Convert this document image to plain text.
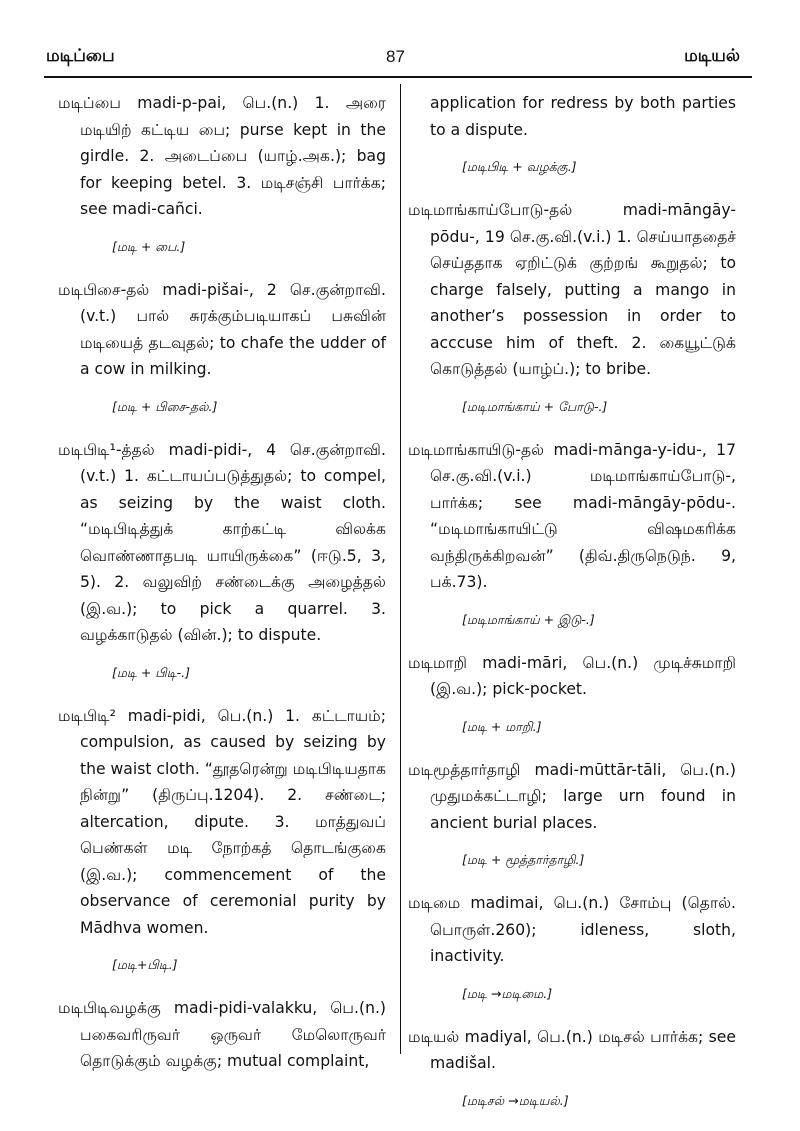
மடிப்பை	87	மடியல்

மடிப்பை madi-p-pai, பெ.(n.) 1. அரை மடியிற் கட்டிய பை; purse kept in the girdle. 2. அடைப்பை (யாழ்.அக.); bag for keeping betel. 3. மடிசஞ்சி பார்க்க; see madi-cañci.

[மடி + பை.]

மடிபிசை-தல் madi-pišai-, 2 செ.குன்றாவி. (v.t.) பால் சுரக்கும்படியாகப் பசுவின் மடியைத் தடவுதல்; to chafe the udder of a cow in milking.

[மடி + பிசை-தல்.]

மடிபிடி¹-த்தல் madi-pidi-, 4 செ.குன்றாவி. (v.t.) 1. கட்டாயப்படுத்துதல்; to compel, as seizing by the waist cloth. “மடிபிடித்துக் காற்கட்டி விலக்க வொண்ணாதபடி யாயிருக்கை” (ஈடு.5, 3, 5). 2. வலுவிற் சண்டைக்கு அழைத்தல் (இ.வ.); to pick a quarrel. 3. வழக்காடுதல் (வின்.); to dispute.

[மடி + பிடி-.]

மடிபிடி² madi-pidi, பெ.(n.) 1. கட்டாயம்; compulsion, as caused by seizing by the waist cloth. “தூதரென்று மடிபிடியதாக நின்று” (திருப்பு.1204). 2. சண்டை; altercation, dipute. 3. மாத்துவப் பெண்கள் மடி நோற்கத் தொடங்குகை (இ.வ.); commencement of the observance of ceremonial purity by Mādhva women.

[மடி+பிடி.]

மடிபிடிவழக்கு madi-pidi-valakku, பெ.(n.) பகைவரிருவர் ஒருவர் மேலொருவர் தொடுக்கும் வழக்கு; mutual complaint,

application for redress by both parties to a dispute.

[மடிபிடி + வழக்கு.]

மடிமாங்காய்போடு-தல் madi-māngāy-pōdu-, 19 செ.கு.வி.(v.i.) 1. செய்யாததைச் செய்ததாக ஏறிட்டுக் குற்றங் கூறுதல்; to charge falsely, putting a mango in another’s possession in order to acccuse him of theft. 2. கையூட்டுக் கொடுத்தல் (யாழ்ப்.); to bribe.

[மடிமாங்காய் + போடு-.]

மடிமாங்காயிடு-தல் madi-mānga-y-idu-, 17 செ.கு.வி.(v.i.) மடிமாங்காய்போடு-, பார்க்க; see madi-māngāy-pōdu-. “மடிமாங்காயிட்டு விஷமகரிக்க வந்திருக்கிறவன்” (திவ்.திருநெடுந். 9, பக்.73).

[மடிமாங்காய் + இடு-.]

மடிமாறி madi-māri, பெ.(n.) முடிச்சுமாறி (இ.வ.); pick-pocket.

[மடி + மாறி.]

மடிமூத்தார்தாழி madi-mūttār-tāli, பெ.(n.) முதுமக்கட்டாழி; large urn found in ancient burial places.

[மடி + மூத்தார்தாழி.]

மடிமை madimai, பெ.(n.) சோம்பு (தொல். பொருள்.260); idleness, sloth, inactivity.

[மடி →மடிமை.]

மடியல் madiyal, பெ.(n.) மடிசல் பார்க்க; see madišal.

[மடிசல் →மடியல்.]
